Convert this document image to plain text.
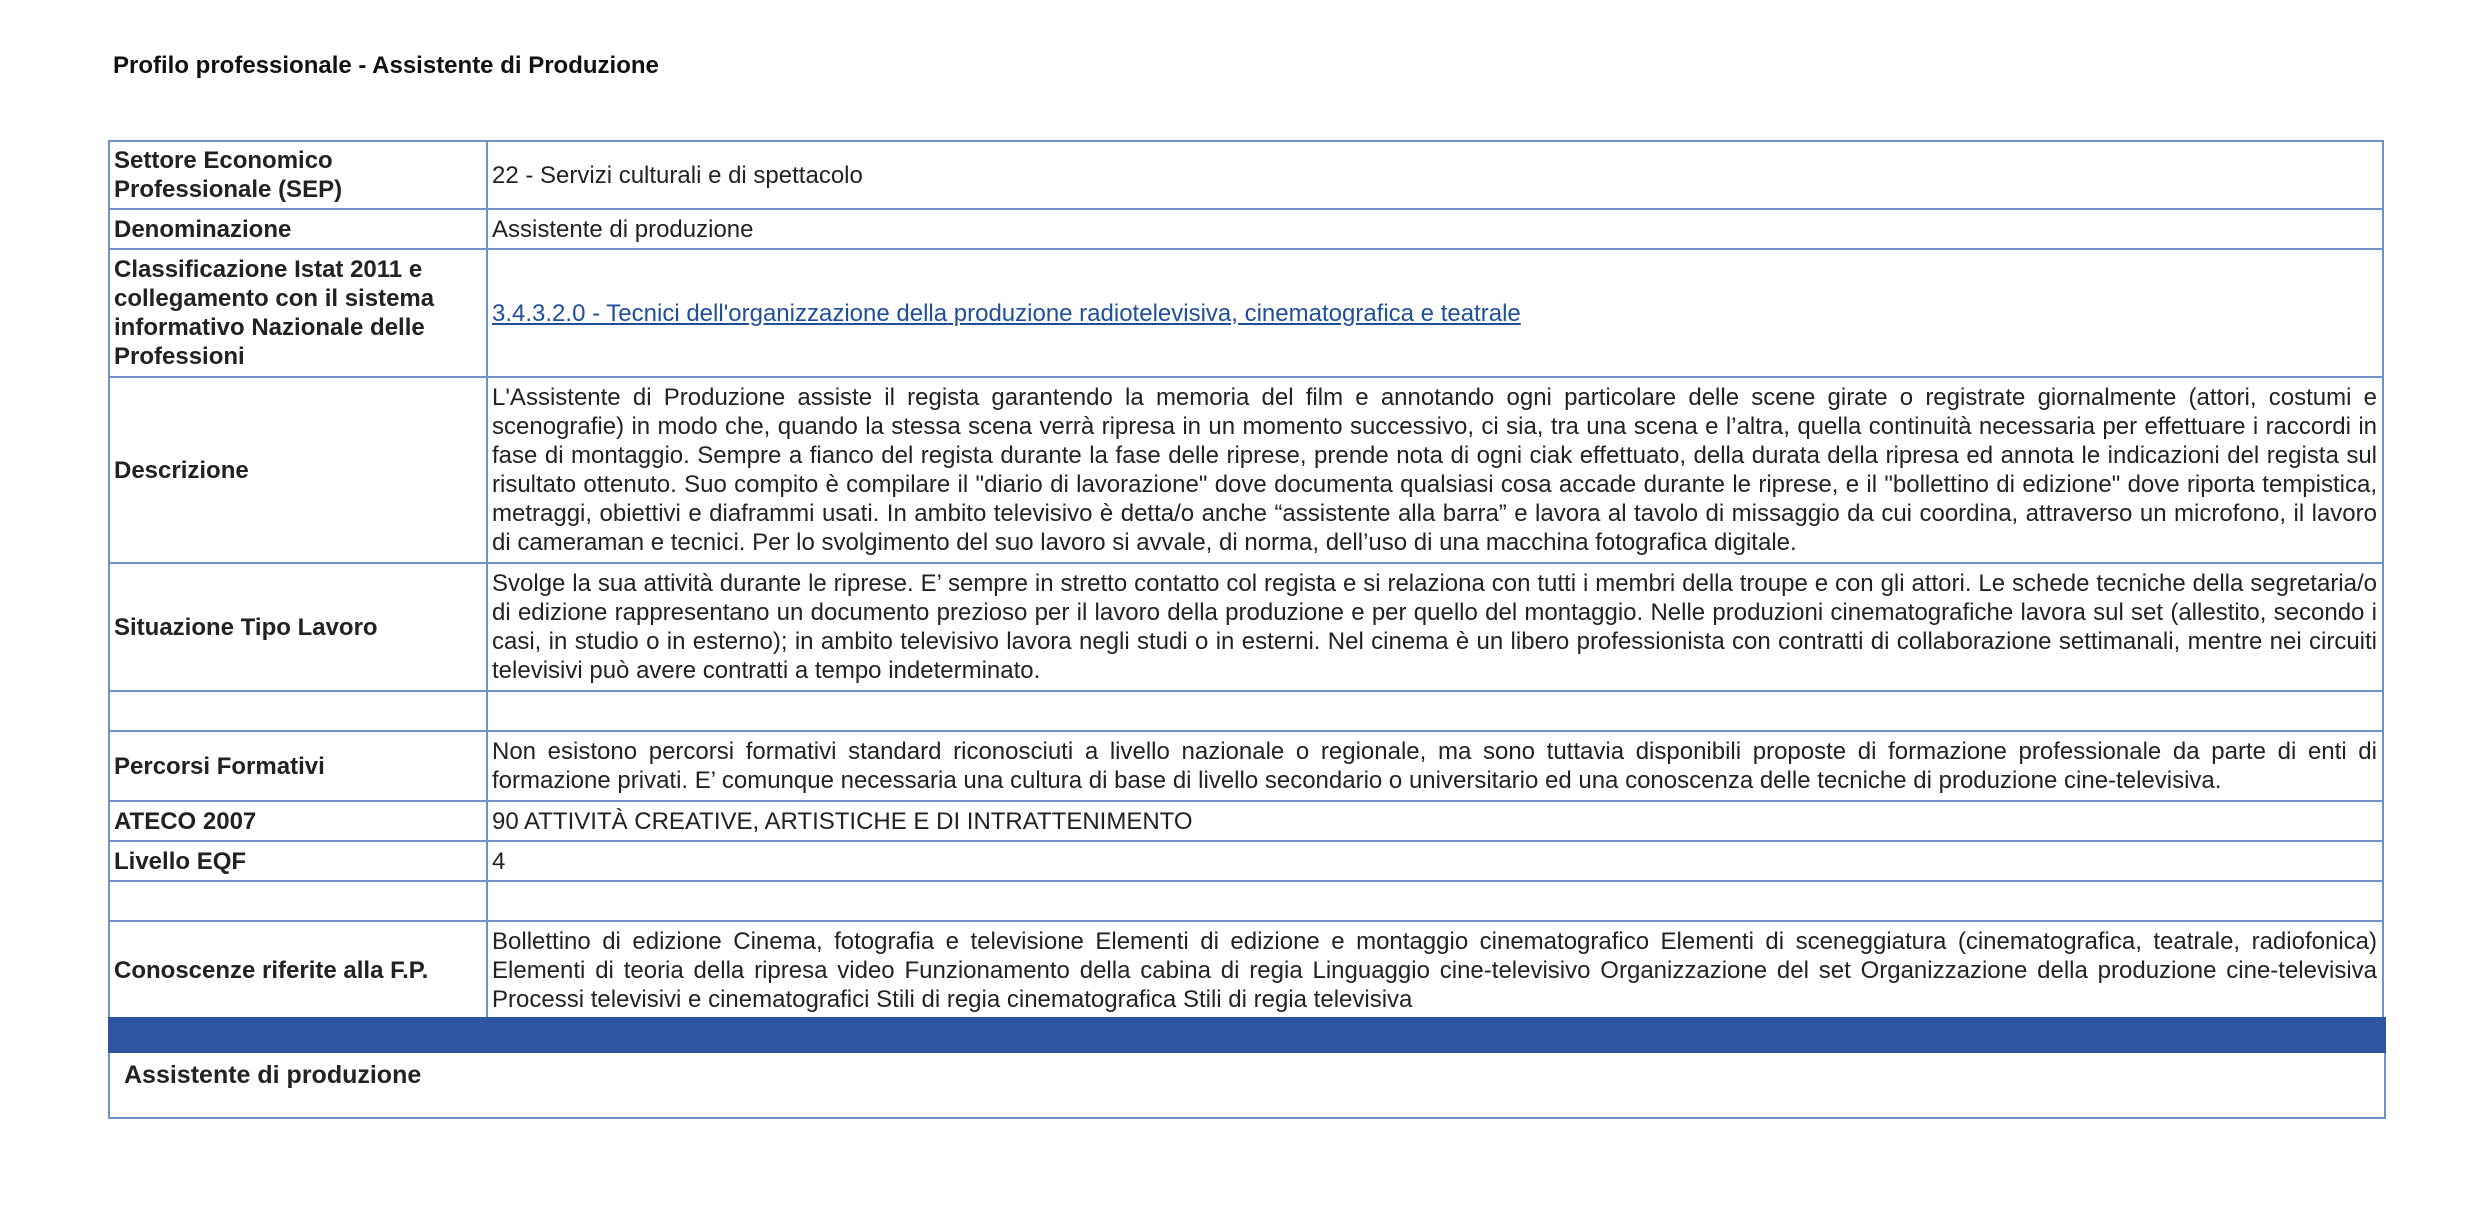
Profilo professionale - Assistente di Produzione
Settore Economico Professionale (SEP)	22 - Servizi culturali e di spettacolo
Denominazione	Assistente di produzione
Classificazione Istat 2011 e collegamento con il sistema informativo Nazionale delle Professioni	3.4.3.2.0 - Tecnici dell'organizzazione della produzione radiotelevisiva, cinematografica e teatrale
Descrizione	L'Assistente di Produzione assiste il regista garantendo la memoria del film e annotando ogni particolare delle scene girate o registrate giornalmente (attori, costumi e scenografie) in modo che, quando la stessa scena verrà ripresa in un momento successivo, ci sia, tra una scena e l’altra, quella continuità necessaria per effettuare i raccordi in fase di montaggio. Sempre a fianco del regista durante la fase delle riprese, prende nota di ogni ciak effettuato, della durata della ripresa ed annota le indicazioni del regista sul risultato ottenuto. Suo compito è compilare il "diario di lavorazione" dove documenta qualsiasi cosa accade durante le riprese, e il "bollettino di edizione" dove riporta tempistica, metraggi, obiettivi e diaframmi usati. In ambito televisivo è detta/o anche “assistente alla barra” e lavora al tavolo di missaggio da cui coordina, attraverso un microfono, il lavoro di cameraman e tecnici. Per lo svolgimento del suo lavoro si avvale, di norma, dell’uso di una macchina fotografica digitale.
Situazione Tipo Lavoro	Svolge la sua attività durante le riprese. E’ sempre in stretto contatto col regista e si relaziona con tutti i membri della troupe e con gli attori. Le schede tecniche della segretaria/o di edizione rappresentano un documento prezioso per il lavoro della produzione e per quello del montaggio. Nelle produzioni cinematografiche lavora sul set (allestito, secondo i casi, in studio o in esterno); in ambito televisivo lavora negli studi o in esterni. Nel cinema è un libero professionista con contratti di collaborazione settimanali, mentre nei circuiti televisivi può avere contratti a tempo indeterminato.

Percorsi Formativi	Non esistono percorsi formativi standard riconosciuti a livello nazionale o regionale, ma sono tuttavia disponibili proposte di formazione professionale da parte di enti di formazione privati. E’ comunque necessaria una cultura di base di livello secondario o universitario ed una conoscenza delle tecniche di produzione cine-televisiva.
ATECO 2007	90 ATTIVITÀ CREATIVE, ARTISTICHE E DI INTRATTENIMENTO
Livello EQF	4

Conoscenze riferite alla F.P.	Bollettino di edizione Cinema, fotografia e televisione Elementi di edizione e montaggio cinematografico Elementi di sceneggiatura (cinematografica, teatrale, radiofonica) Elementi di teoria della ripresa video Funzionamento della cabina di regia Linguaggio cine-televisivo Organizzazione del set Organizzazione della produzione cine-televisiva Processi televisivi e cinematografici Stili di regia cinematografica Stili di regia televisiva
Assistente di produzione
